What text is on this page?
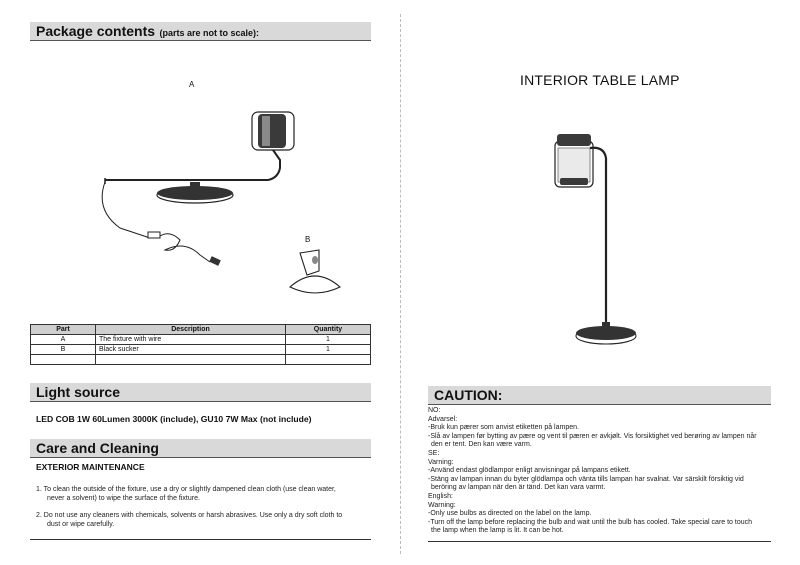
Package contents (parts are not to scale):
A
B
Part	Description	Quantity
A	The fixture with wire	1
B	Black sucker	1

Light source
LED COB 1W 60Lumen 3000K (include), GU10 7W Max (not include)
Care and Cleaning
EXTERIOR MAINTENANCE
1. To clean the outside of the fixture, use a dry or slightly dampened clean cloth (use clean water,
never a solvent) to wipe the surface of the fixture.
2. Do not use any cleaners with chemicals, solvents or harsh abrasives. Use only a dry soft cloth to
dust or wipe carefully.
INTERIOR TABLE LAMP
CAUTION:
NO:
Advarsel:
-Bruk kun pærer som anvist etiketten på lampen.
-Slå av lampen før bytting av pære og vent til pæren er avkjølt. Vis forsiktighet ved berøring av lampen når
den er tent. Den kan være varm.
SE:
Varning:
-Använd endast glödlampor enligt anvisningar på lampans etikett.
-Stäng av lampan innan du byter glödlampa och vänta tills lampan har svalnat. Var särskilt försiktig vid
beröring av lampan när den är tänd. Det kan vara varmt.
English:
Warning:
-Only use bulbs as directed on the label on the lamp.
-Turn off the lamp before replacing the bulb and wait until the bulb has cooled. Take special care to touch
the lamp when the lamp is lit. It can be hot.
